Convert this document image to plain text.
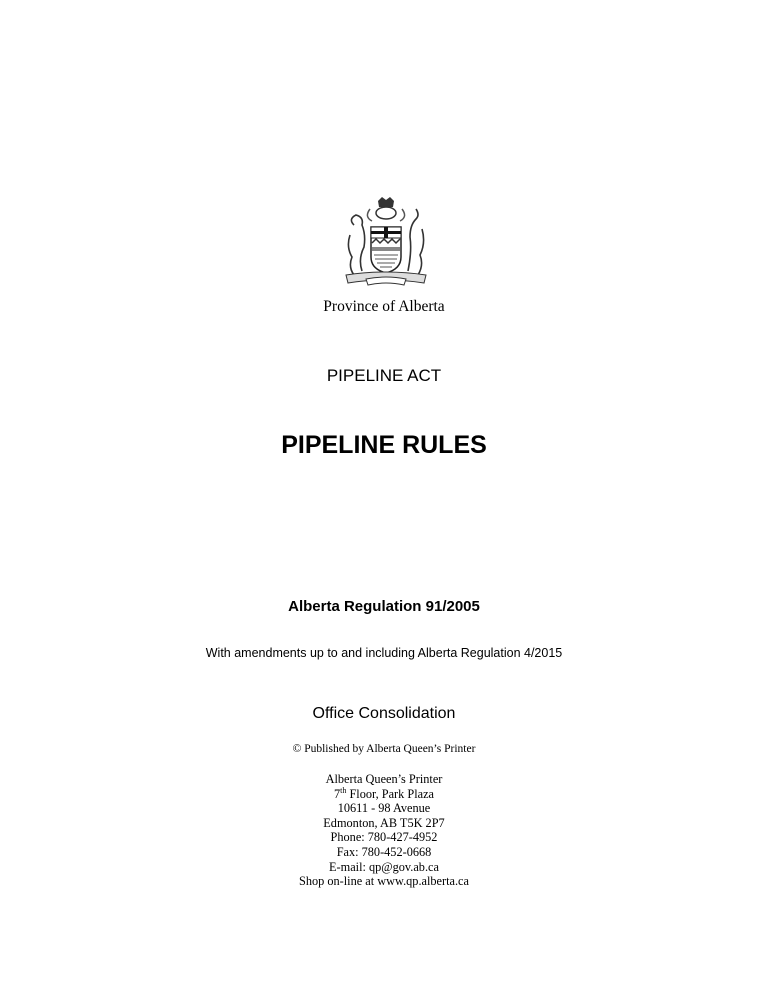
Province of Alberta
PIPELINE ACT
PIPELINE RULES
Alberta Regulation 91/2005
With amendments up to and including Alberta Regulation 4/2015
Office Consolidation
© Published by Alberta Queen’s Printer
Alberta Queen’s Printer
7th Floor, Park Plaza
10611 - 98 Avenue
Edmonton, AB T5K 2P7
Phone: 780-427-4952
Fax: 780-452-0668
E-mail: qp@gov.ab.ca
Shop on-line at www.qp.alberta.ca
